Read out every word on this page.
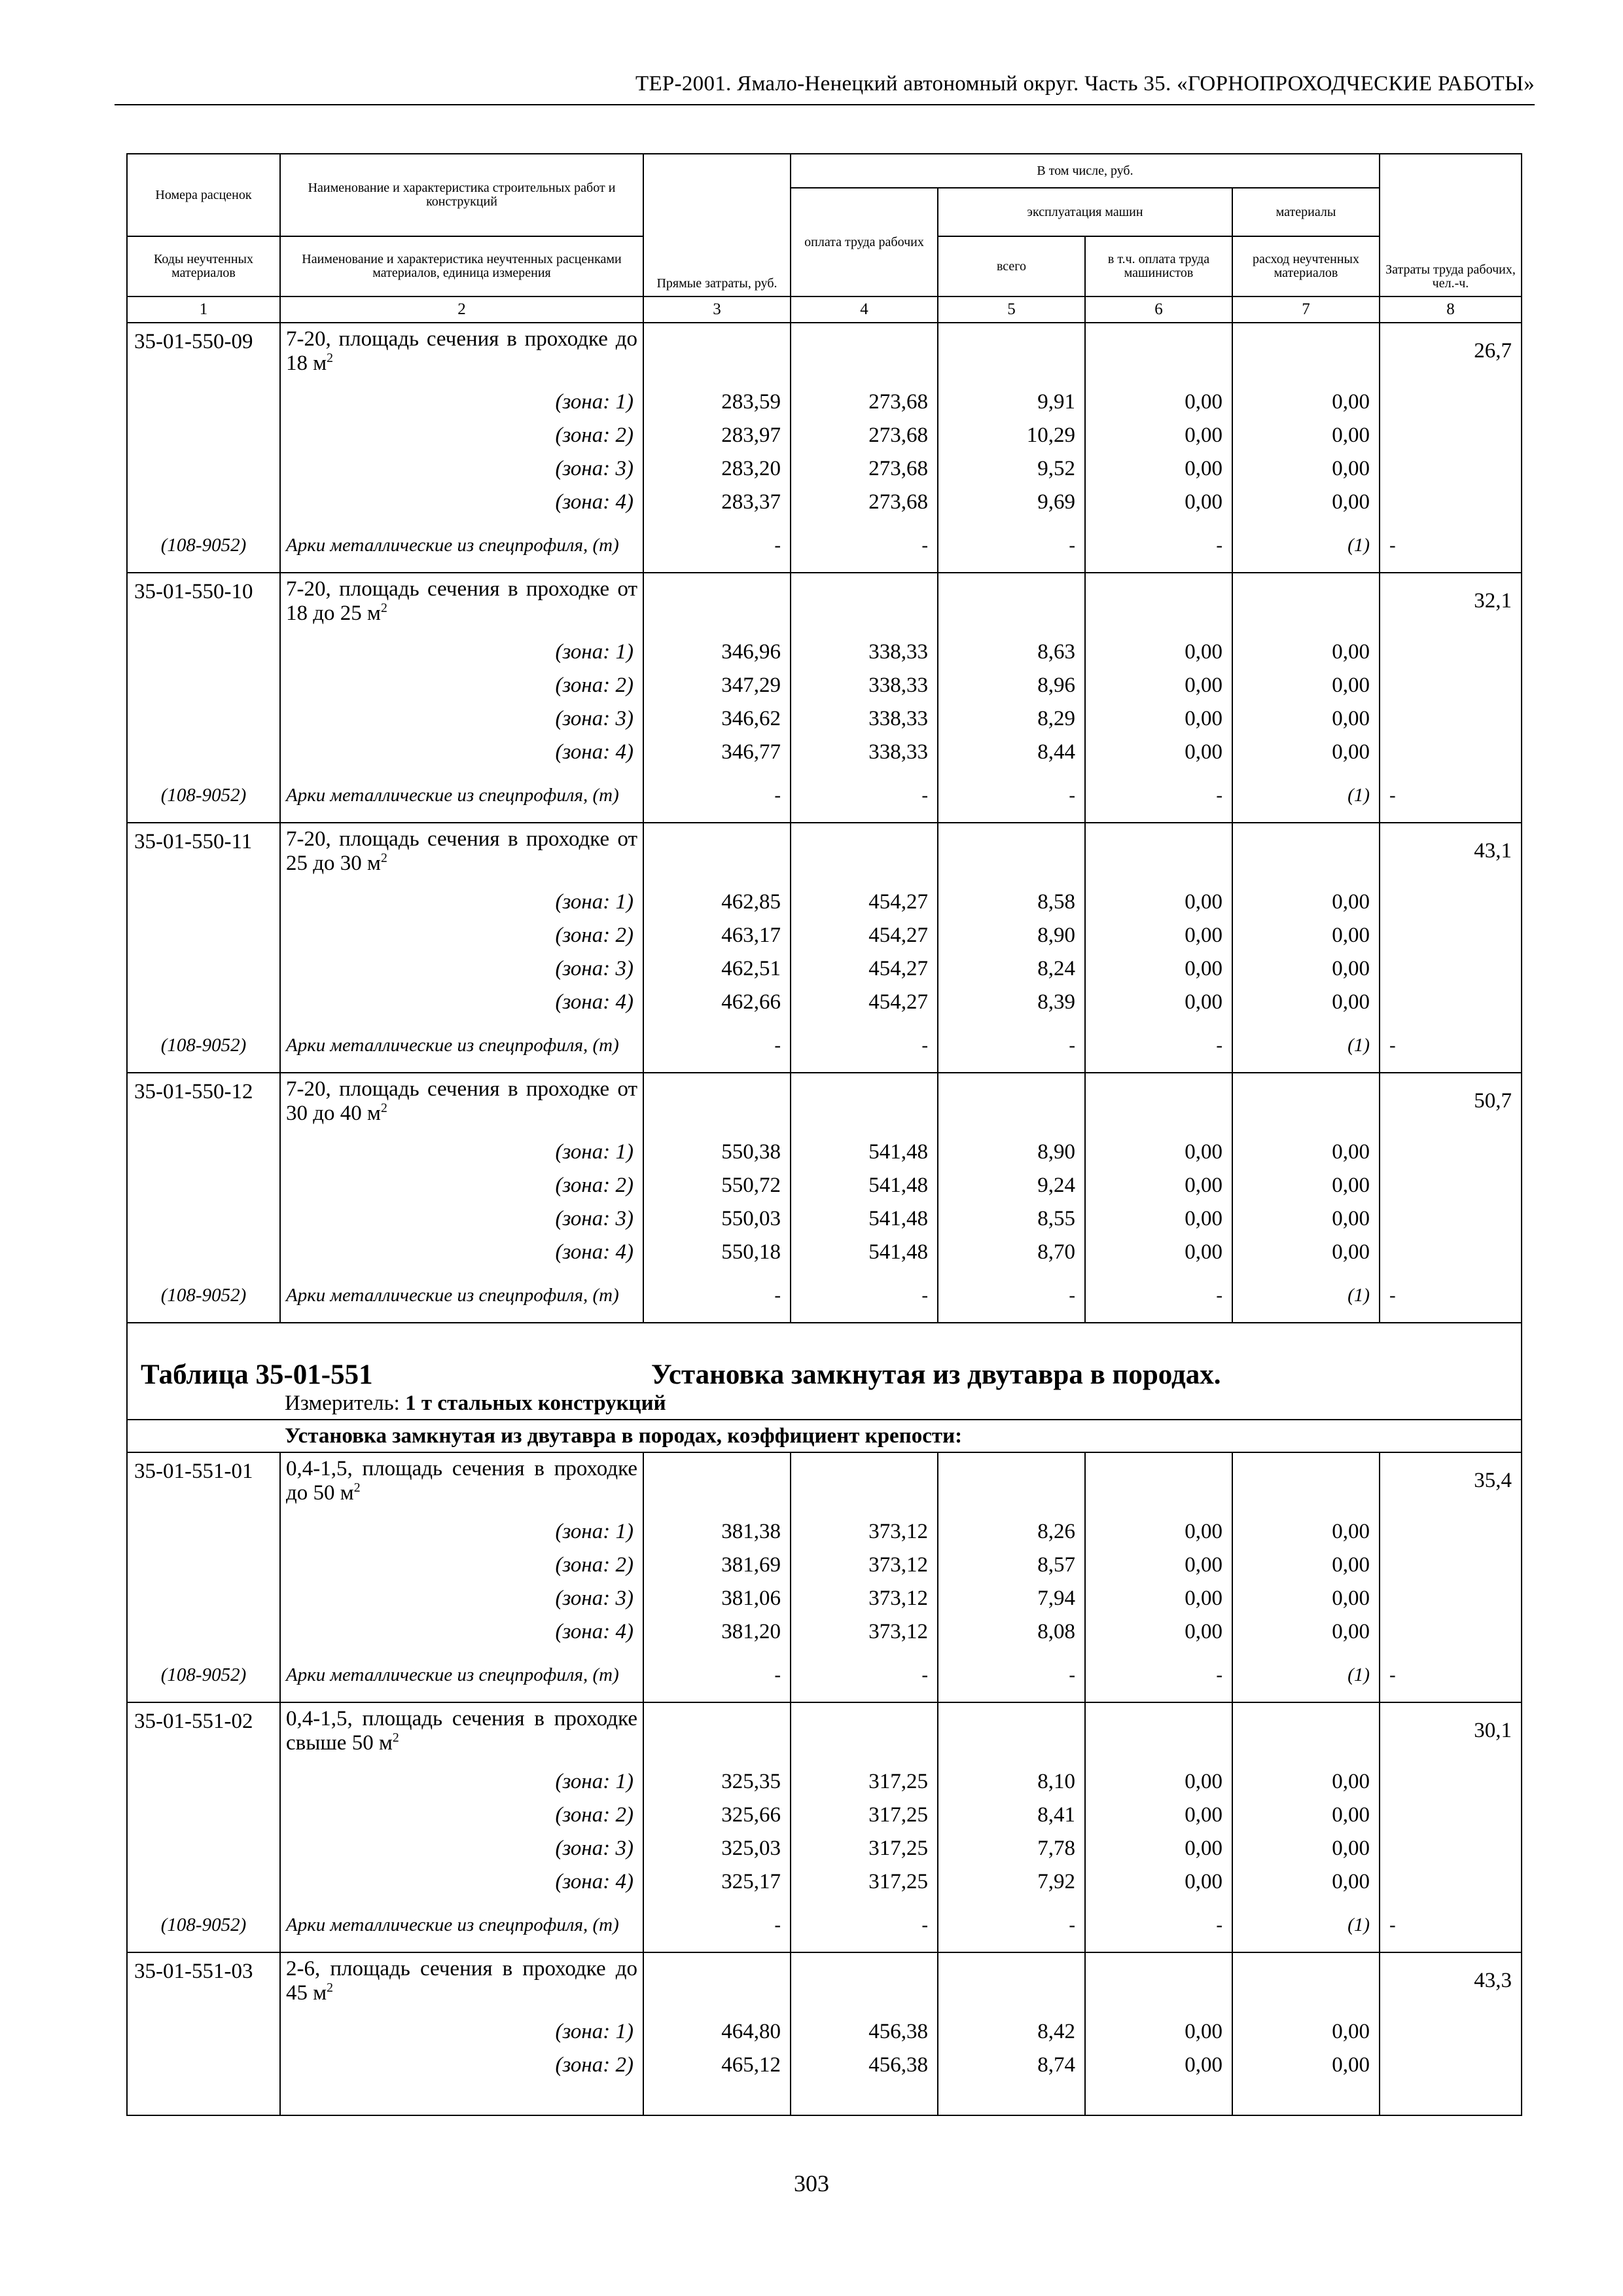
ТЕР-2001. Ямало-Ненецкий автономный округ. Часть 35. «ГОРНОПРОХОДЧЕСКИЕ РАБОТЫ»
Номера расценок	Наименование и характеристика строительных работ и конструкций	Прямые затраты, руб.	В том числе, руб.				Затраты труда рабочих, чел.-ч.
			оплата труда рабочих	эксплуатация машин		материалы	
Коды неучтенных материалов	Наименование и характеристика неучтенных расценками материалов, единица измерения			всего	в т.ч. оплата труда машинистов	расход неучтенных материалов	
1	2	3	4	5	6	7	8
35-01-550-09	7-20, площадь сечения в проходке до 18 $м^2$						26,7
	(зона: 1)	283,59	273,68	9,91	0,00	0,00	
	(зона: 2)	283,97	273,68	10,29	0,00	0,00	
	(зона: 3)	283,20	273,68	9,52	0,00	0,00	
	(зона: 4)	283,37	273,68	9,69	0,00	0,00	
(108-9052)	Арки металлические из спецпрофиля, (т)	-	-	-	-	(1)	-
35-01-550-10	7-20, площадь сечения в проходке от 18 до 25 $м^2$						32,1
	(зона: 1)	346,96	338,33	8,63	0,00	0,00	
	(зона: 2)	347,29	338,33	8,96	0,00	0,00	
	(зона: 3)	346,62	338,33	8,29	0,00	0,00	
	(зона: 4)	346,77	338,33	8,44	0,00	0,00	
(108-9052)	Арки металлические из спецпрофиля, (т)	-	-	-	-	(1)	-
35-01-550-11	7-20, площадь сечения в проходке от 25 до 30 $м^2$						43,1
	(зона: 1)	462,85	454,27	8,58	0,00	0,00	
	(зона: 2)	463,17	454,27	8,90	0,00	0,00	
	(зона: 3)	462,51	454,27	8,24	0,00	0,00	
	(зона: 4)	462,66	454,27	8,39	0,00	0,00	
(108-9052)	Арки металлические из спецпрофиля, (т)	-	-	-	-	(1)	-
35-01-550-12	7-20, площадь сечения в проходке от 30 до 40 $м^2$						50,7
	(зона: 1)	550,38	541,48	8,90	0,00	0,00	
	(зона: 2)	550,72	541,48	9,24	0,00	0,00	
	(зона: 3)	550,03	541,48	8,55	0,00	0,00	
	(зона: 4)	550,18	541,48	8,70	0,00	0,00	
(108-9052)	Арки металлические из спецпрофиля, (т)	-	-	-	-	(1)	-
Таблица 35-01-551 Установка замкнутая из двутавра в породах.							
Измеритель: 1 т стальных конструкций							
Установка замкнутая из двутавра в породах, коэффициент крепости:							
35-01-551-01	0,4-1,5, площадь сечения в проходке до 50 $м^2$						35,4
	(зона: 1)	381,38	373,12	8,26	0,00	0,00	
	(зона: 2)	381,69	373,12	8,57	0,00	0,00	
	(зона: 3)	381,06	373,12	7,94	0,00	0,00	
	(зона: 4)	381,20	373,12	8,08	0,00	0,00	
(108-9052)	Арки металлические из спецпрофиля, (т)	-	-	-	-	(1)	-
35-01-551-02	0,4-1,5, площадь сечения в проходке свыше 50 $м^2$						30,1
	(зона: 1)	325,35	317,25	8,10	0,00	0,00	
	(зона: 2)	325,66	317,25	8,41	0,00	0,00	
	(зона: 3)	325,03	317,25	7,78	0,00	0,00	
	(зона: 4)	325,17	317,25	7,92	0,00	0,00	
(108-9052)	Арки металлические из спецпрофиля, (т)	-	-	-	-	(1)	-
35-01-551-03	2-6, площадь сечения в проходке до 45 $м^2$						43,3
	(зона: 1)	464,80	456,38	8,42	0,00	0,00	
	(зона: 2)	465,12	456,38	8,74	0,00	0,00	

303
